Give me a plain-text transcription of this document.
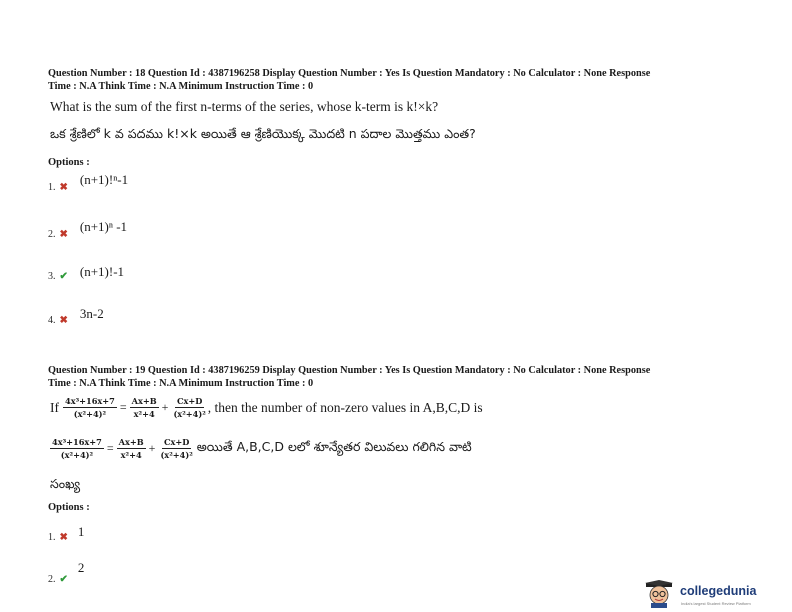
Question Number : 18 Question Id : 4387196258 Display Question Number : Yes Is Question Mandatory : No Calculator : None Response
Time : N.A Think Time : N.A Minimum Instruction Time : 0
What is the sum of the first n-terms of the series, whose k-term is k!×k?
ఒక శ్రేణిలో k వ పదము k!×k అయితే ఆ శ్రేణియొక్క మొదటి n పదాల మొత్తము ఎంత?
Options :
1. ✖ $^{(n+1)!^n-1}$
2. ✖ $^{(n+1)^n -1}$
3. ✔ (n+1)!-1
4. ✖ $^{3n-2}$
Question Number : 19 Question Id : 4387196259 Display Question Number : Yes Is Question Mandatory : No Calculator : None Response
Time : N.A Think Time : N.A Minimum Instruction Time : 0
If $\frac{\text{4x³+16x+7}}{\text{(x²+4)²}} = \frac{Ax+B}{\text{x²+4}} + \frac{Cx+D}{\text{(x²+4)²}}$ , then the number of non-zero values in A,B,C,D is
$\frac{\text{4x³+16x+7}}{\text{(x²+4)²}} = \frac{Ax+B}{\text{x²+4}} + \frac{Cx+D}{\text{(x²+4)²}}$ అయితే A,B,C,D లలో శూన్యేతర విలువలు గలిగిన వాటి
సంఖ్య
Options :
1. ✖ $^1$
2. ✔ $^2$
collegedunia
India's largest Student Review Platform
